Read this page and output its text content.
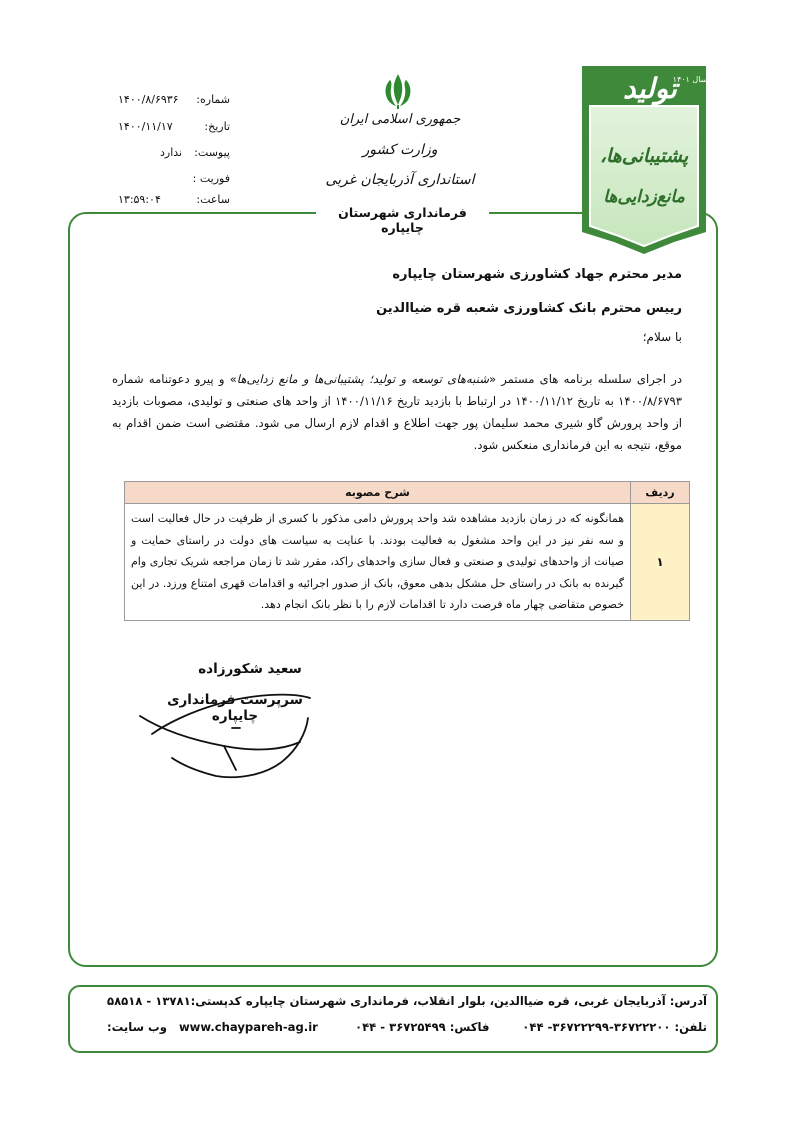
شماره:
۱۴۰۰/۸/۶۹۳۶
تاریخ:
۱۴۰۰/۱۱/۱۷
پیوست:
ندارد
فوریت :
ساعت:
۱۳:۵۹:۰۴
جمهوری اسلامی ایران
وزارت کشور
استانداری آذربایجان غربی
فرمانداری شهرستان چایپاره
تولید
سال ۱۴۰۱
پشتیبانی‌ها،
مانع‌زدایی‌ها
مدیر محترم جهاد کشاورزی شهرستان چایپاره
رییس محترم بانک کشاورزی شعبه قره ضیاالدین
با سلام؛
در اجرای سلسله برنامه های مستمر «شنبه‌های توسعه و تولید؛ پشتیبانی‌ها و مانع زدایی‌ها» و پیرو دعوتنامه شماره ۱۴۰۰/۸/۶۷۹۳ به تاریخ ۱۴۰۰/۱۱/۱۲ در ارتباط با بازدید تاریخ ۱۴۰۰/۱۱/۱۶ از واحد های صنعتی و تولیدی، مصوبات بازدید از واحد پرورش گاو شیری محمد سلیمان پور جهت اطلاع و اقدام لازم ارسال می شود. مقتضی است ضمن اقدام به موقع، نتیجه به این فرمانداری منعکس شود.
ردیف	شرح مصوبه
۱	همانگونه که در زمان بازدید مشاهده شد واحد پرورش دامی مذکور با کسری از ظرفیت در حال فعالیت است و سه نفر نیز در این واحد مشغول به فعالیت بودند. با عنایت به سیاست های دولت در راستای حمایت و صیانت از واحدهای تولیدی و صنعتی و فعال سازی واحدهای راکد، مقرر شد تا زمان مراجعه شریک تجاری وام گیرنده به بانک در راستای حل مشکل بدهی معوق، بانک از صدور اجرائیه و اقدامات قهری امتناع ورزد. در این خصوص متقاضی چهار ماه فرصت دارد تا اقدامات لازم را با نظر بانک انجام دهد.
سعید شکورزاده
سرپرست فرمانداری چایپاره
آدرس: آذربایجان غربی، قره ضیاالدین، بلوار انقلاب، فرمانداری شهرستان چایپاره
کدپستی:۱۳۷۸۱ - ۵۸۵۱۸
تلفن: ۳۶۷۲۲۲۰۰-۳۶۷۲۲۲۹۹- ۰۴۴
فاکس: ۳۶۷۲۵۴۹۹ - ۰۴۴
www.chaypareh-ag.ir وب سایت:
